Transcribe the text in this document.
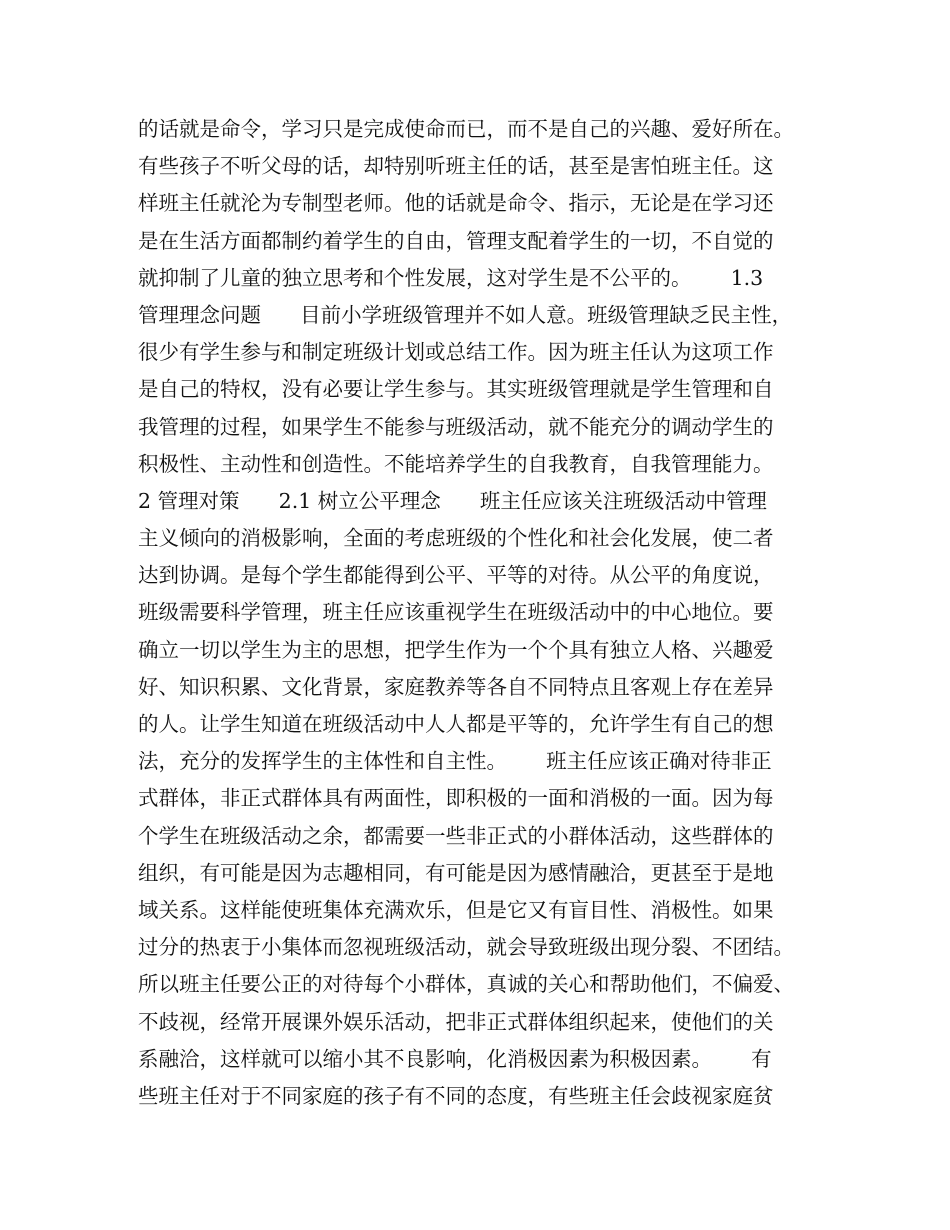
的话就是命令，学习只是完成使命而已，而不是自己的兴趣、爱好所在。
有些孩子不听父母的话，却特别听班主任的话，甚至是害怕班主任。这
样班主任就沦为专制型老师。他的话就是命令、指示，无论是在学习还
是在生活方面都制约着学生的自由，管理支配着学生的一切，不自觉的
就抑制了儿童的独立思考和个性发展，这对学生是不公平的。      1.3
管理理念问题      目前小学班级管理并不如人意。班级管理缺乏民主性，
很少有学生参与和制定班级计划或总结工作。因为班主任认为这项工作
是自己的特权，没有必要让学生参与。其实班级管理就是学生管理和自
我管理的过程，如果学生不能参与班级活动，就不能充分的调动学生的
积极性、主动性和创造性。不能培养学生的自我教育，自我管理能力。
2 管理对策      2.1 树立公平理念      班主任应该关注班级活动中管理
主义倾向的消极影响，全面的考虑班级的个性化和社会化发展，使二者
达到协调。是每个学生都能得到公平、平等的对待。从公平的角度说，
班级需要科学管理，班主任应该重视学生在班级活动中的中心地位。要
确立一切以学生为主的思想，把学生作为一个个具有独立人格、兴趣爱
好、知识积累、文化背景，家庭教养等各自不同特点且客观上存在差异
的人。让学生知道在班级活动中人人都是平等的，允许学生有自己的想
法，充分的发挥学生的主体性和自主性。      班主任应该正确对待非正
式群体，非正式群体具有两面性，即积极的一面和消极的一面。因为每
个学生在班级活动之余，都需要一些非正式的小群体活动，这些群体的
组织，有可能是因为志趣相同，有可能是因为感情融洽，更甚至于是地
域关系。这样能使班集体充满欢乐，但是它又有盲目性、消极性。如果
过分的热衷于小集体而忽视班级活动，就会导致班级出现分裂、不团结。
所以班主任要公正的对待每个小群体，真诚的关心和帮助他们，不偏爱、
不歧视，经常开展课外娱乐活动，把非正式群体组织起来，使他们的关
系融洽，这样就可以缩小其不良影响，化消极因素为积极因素。      有
些班主任对于不同家庭的孩子有不同的态度，有些班主任会歧视家庭贫
